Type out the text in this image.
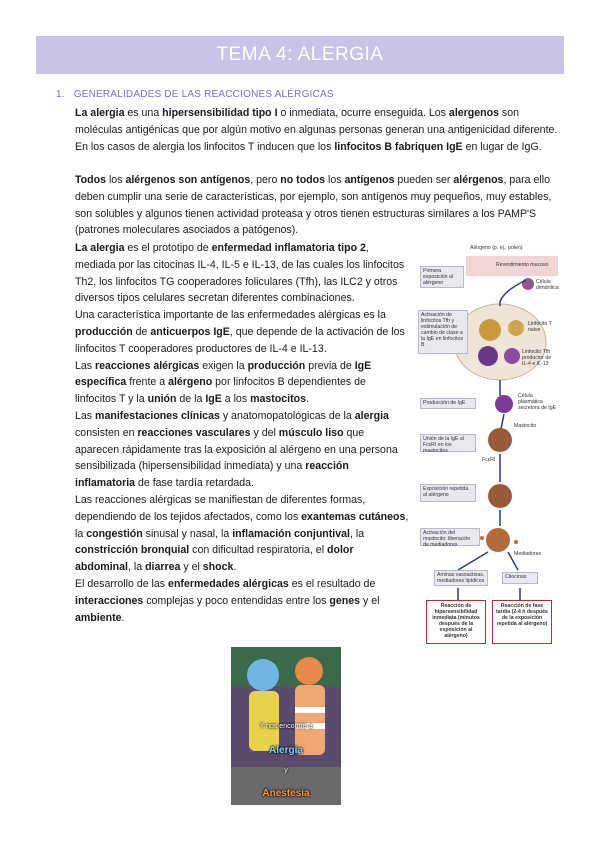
TEMA 4: ALERGIA
1. GENERALIDADES DE LAS REACCIONES ALÉRGICAS
La alergia es una hipersensibilidad tipo I o inmediata, ocurre enseguida. Los alergenos son moléculas antigénicas que por algún motivo en algunas personas generan una antigenicidad diferente. En los casos de alergia los linfocitos T inducen que los linfocitos B fabriquen IgE en lugar de IgG.
Todos los alérgenos son antígenos, pero no todos los antígenos pueden ser alérgenos, para ello deben cumplir una serie de características, por ejemplo, son antígenos muy pequeños, muy estables, son solubles y algunos tienen actividad proteasa y otros tienen estructuras similares a los PAMP'S (patrones moleculares asociados a patógenos).
La alergia es el prototipo de enfermedad inflamatoria tipo 2, mediada por las citocinas IL-4, IL-5 e IL-13, de las cuales los linfocitos Th2, los linfocitos TG cooperadores foliculares (Tfh), las ILC2 y otros diversos tipos celulares secretan diferentes combinaciones.
Una característica importante de las enfermedades alérgicas es la producción de anticuerpos IgE, que depende de la activación de los linfocitos T cooperadores productores de IL-4 e IL-13.
Las reacciones alérgicas exigen la producción previa de IgE específica frente a alérgeno por linfocitos B dependientes de linfocitos T y la unión de la IgE a los mastocitos.
Las manifestaciones clínicas y anatomopatológicas de la alergia consisten en reacciones vasculares y del músculo liso que aparecen rápidamente tras la exposición al alérgeno en una persona sensibilizada (hipersensibilidad inmediata) y una reacción inflamatoria de fase tardía retardada.
Las reacciones alérgicas se manifiestan de diferentes formas, dependiendo de los tejidos afectados, como los exantemas cutáneos, la congestión sinusal y nasal, la inflamación conjuntival, la constricción bronquial con dificultad respiratoria, el dolor abdominal, la diarrea y el shock.
El desarrollo de las enfermedades alérgicas es el resultado de interacciones complejas y poco entendidas entre los genes y el ambiente.
Alérgeno (p. ej., polen)
Revestimiento mucoso
Célula dendrítica
Primera exposición al alérgeno
Activación de linfocitos Tfh y estimulación de cambio de clase a la IgE en linfocitos B
Linfocito T naive
Linfocito Tfh productor de IL-4 e IL-13
Producción de IgE
Célula plasmática secretora de IgE
Unión de la IgE al FcεRI en los mastocitos
Mastocito
FcεRI
Exposición repetida al alérgeno
Activación del mastocito: liberación de mediadores
Mediadores
Aminas vasoactivas, mediadores lipídicos
Citocinas
Reacción de hipersensibilidad inmediata (minutos después de la exposición al alérgeno)
Reacción de fase tardía (2-4 h después de la exposición repetida al alérgeno)
Y nos encontré a
Alergia
y
Anestesia
